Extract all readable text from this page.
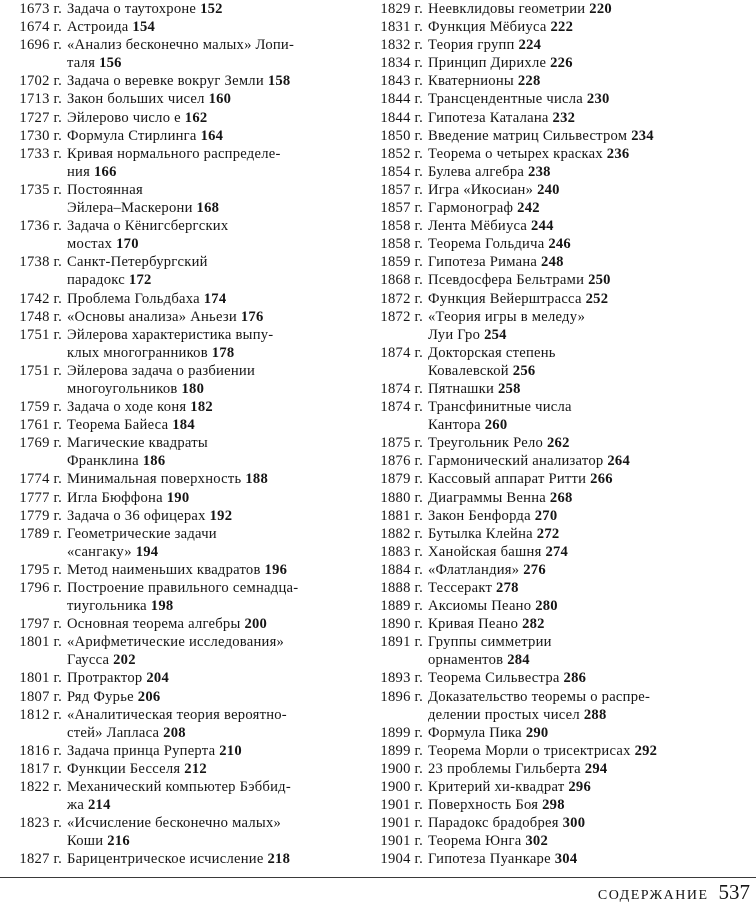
1673 г. Задача о таутохроне 152
1674 г. Астроида 154
1696 г. «Анализ бесконечно малых» Лопи-
таля 156
1702 г. Задача о веревке вокруг Земли 158
1713 г. Закон больших чисел 160
1727 г. Эйлерово число e 162
1730 г. Формула Стирлинга 164
1733 г. Кривая нормального распределе-
ния 166
1735 г. Постоянная
Эйлера–Маскерони 168
1736 г. Задача о Кёнигсбергских
мостах 170
1738 г. Санкт-Петербургский
парадокс 172
1742 г. Проблема Гольдбаха 174
1748 г. «Основы анализа» Аньези 176
1751 г. Эйлерова характеристика выпу-
клых многогранников 178
1751 г. Эйлерова задача о разбиении
многоугольников 180
1759 г. Задача о ходе коня 182
1761 г. Теорема Байеса 184
1769 г. Магические квадраты
Франклина 186
1774 г. Минимальная поверхность 188
1777 г. Игла Бюффона 190
1779 г. Задача о 36 офицерах 192
1789 г. Геометрические задачи
«сангаку» 194
1795 г. Метод наименьших квадратов 196
1796 г. Построение правильного семнадца-
тиугольника 198
1797 г. Основная теорема алгебры 200
1801 г. «Арифметические исследования»
Гаусса 202
1801 г. Протрактор 204
1807 г. Ряд Фурье 206
1812 г. «Аналитическая теория вероятно-
стей» Лапласа 208
1816 г. Задача принца Руперта 210
1817 г. Функции Бесселя 212
1822 г. Механический компьютер Бэббид-
жа 214
1823 г. «Исчисление бесконечно малых»
Коши 216
1827 г. Барицентрическое исчисление 218
1829 г. Неевклидовы геометрии 220
1831 г. Функция Мёбиуса 222
1832 г. Теория групп 224
1834 г. Принцип Дирихле 226
1843 г. Кватернионы 228
1844 г. Трансцендентные числа 230
1844 г. Гипотеза Каталана 232
1850 г. Введение матриц Сильвестром 234
1852 г. Теорема о четырех красках 236
1854 г. Булева алгебра 238
1857 г. Игра «Икосиан» 240
1857 г. Гармонограф 242
1858 г. Лента Мёбиуса 244
1858 г. Теорема Гольдича 246
1859 г. Гипотеза Римана 248
1868 г. Псевдосфера Бельтрами 250
1872 г. Функция Вейерштрасса 252
1872 г. «Теория игры в меледу»
Луи Гро 254
1874 г. Докторская степень
Ковалевской 256
1874 г. Пятнашки 258
1874 г. Трансфинитные числа
Кантора 260
1875 г. Треугольник Рело 262
1876 г. Гармонический анализатор 264
1879 г. Кассовый аппарат Ритти 266
1880 г. Диаграммы Венна 268
1881 г. Закон Бенфорда 270
1882 г. Бутылка Клейна 272
1883 г. Ханойская башня 274
1884 г. «Флатландия» 276
1888 г. Тессеракт 278
1889 г. Аксиомы Пеано 280
1890 г. Кривая Пеано 282
1891 г. Группы симметрии
орнаментов 284
1893 г. Теорема Сильвестра 286
1896 г. Доказательство теоремы о распре-
делении простых чисел 288
1899 г. Формула Пика 290
1899 г. Теорема Морли о трисектрисах 292
1900 г. 23 проблемы Гильберта 294
1900 г. Критерий хи-квадрат 296
1901 г. Поверхность Боя 298
1901 г. Парадокс брадобрея 300
1901 г. Теорема Юнга 302
1904 г. Гипотеза Пуанкаре 304
СОДЕРЖАНИЕ 537
